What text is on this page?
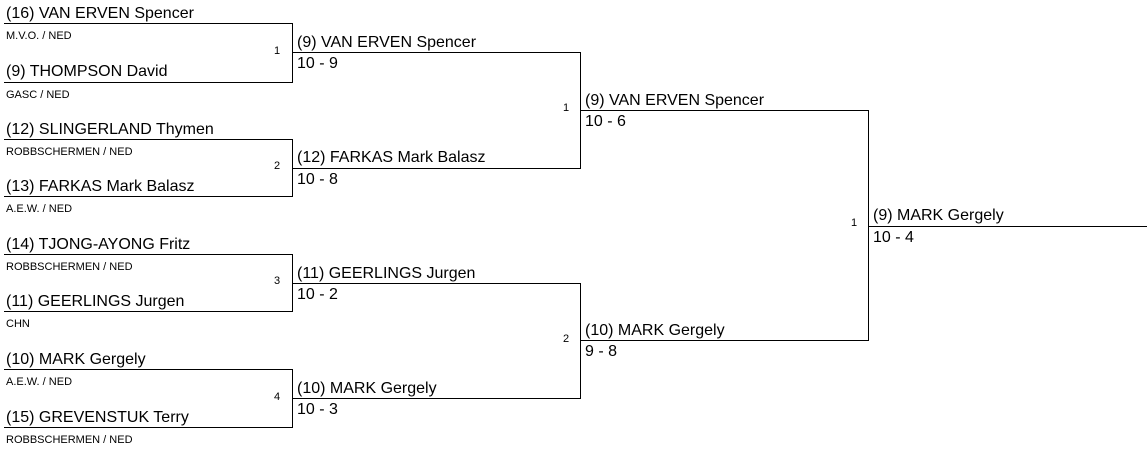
(16) VAN ERVEN Spencer
M.V.O. / NED
1
(9) THOMPSON David
GASC / NED
(12) SLINGERLAND Thymen
ROBBSCHERMEN / NED
2
(13) FARKAS Mark Balasz
A.E.W. / NED
(14) TJONG-AYONG Fritz
ROBBSCHERMEN / NED
3
(11) GEERLINGS Jurgen
CHN
(10) MARK Gergely
A.E.W. / NED
4
(15) GREVENSTUK Terry
ROBBSCHERMEN / NED
(9) VAN ERVEN Spencer
10 - 9
1
(12) FARKAS Mark Balasz
10 - 8
(11) GEERLINGS Jurgen
10 - 2
2
(10) MARK Gergely
10 - 3
(9) VAN ERVEN Spencer
10 - 6
1
(10) MARK Gergely
9 - 8
(9) MARK Gergely
10 - 4
